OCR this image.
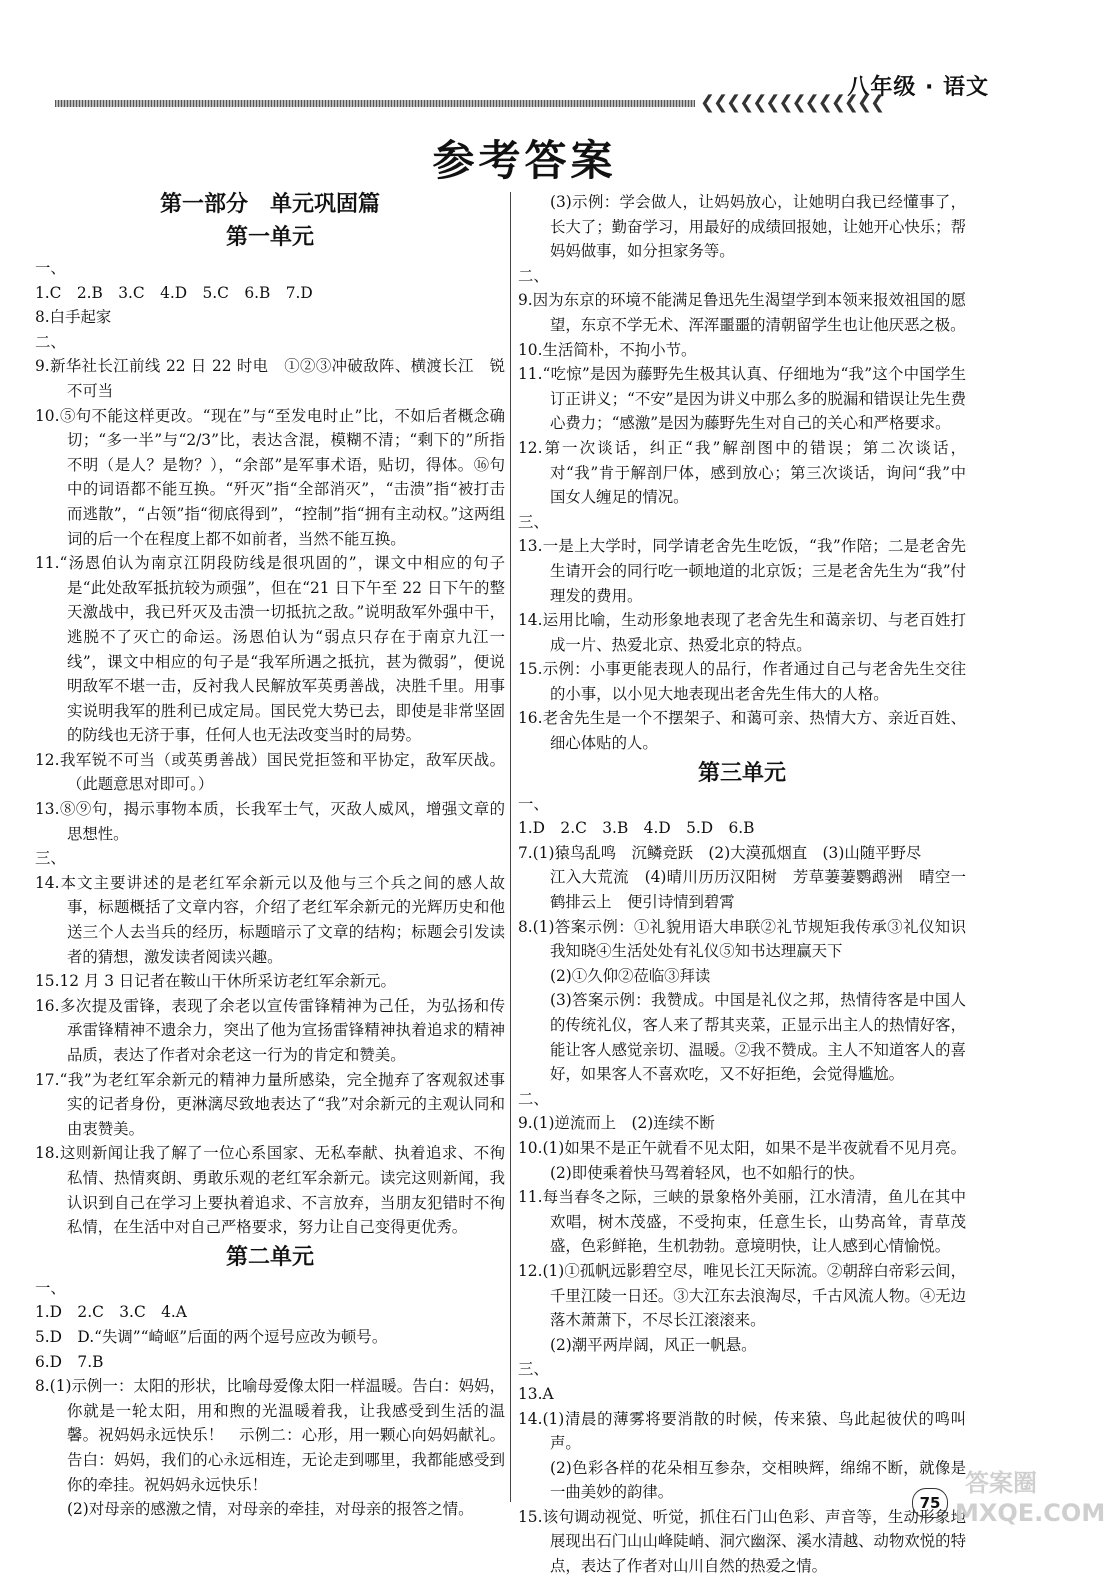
八年级 · 语文
❮❮❮❮❮❮❮❮❮❮❮❮❮❮
参考答案
第一部分　单元巩固篇
第一单元
一、
1.C　2.B　3.C　4.D　5.C　6.B　7.D
8.白手起家
二、
9.新华社长江前线 22 日 22 时电　①②③冲破敌阵、横渡长江　锐不可当
10.⑤句不能这样更改。“现在”与“至发电时止”比，不如后者概念确切；“多一半”与“2/3”比，表达含混，模糊不清；“剩下的”所指不明（是人？是物？），“余部”是军事术语，贴切，得体。⑯句中的词语都不能互换。“歼灭”指“全部消灭”，“击溃”指“被打击而逃散”，“占领”指“彻底得到”，“控制”指“拥有主动权。”这两组词的后一个在程度上都不如前者，当然不能互换。
11.“汤恩伯认为南京江阴段防线是很巩固的”，课文中相应的句子是“此处敌军抵抗较为顽强”，但在“21 日下午至 22 日下午的整天激战中，我已歼灭及击溃一切抵抗之敌。”说明敌军外强中干，逃脱不了灭亡的命运。汤恩伯认为“弱点只存在于南京九江一线”，课文中相应的句子是“我军所遇之抵抗，甚为微弱”，便说明敌军不堪一击，反衬我人民解放军英勇善战，决胜千里。用事实说明我军的胜利已成定局。国民党大势已去，即使是非常坚固的防线也无济于事，任何人也无法改变当时的局势。
12.我军锐不可当（或英勇善战）国民党拒签和平协定，敌军厌战。（此题意思对即可。）
13.⑧⑨句，揭示事物本质，长我军士气，灭敌人威风，增强文章的思想性。
三、
14.本文主要讲述的是老红军余新元以及他与三个兵之间的感人故事，标题概括了文章内容，介绍了老红军余新元的光辉历史和他送三个人去当兵的经历，标题暗示了文章的结构；标题会引发读者的猜想，激发读者阅读兴趣。
15.12 月 3 日记者在鞍山干休所采访老红军余新元。
16.多次提及雷锋，表现了余老以宣传雷锋精神为己任，为弘扬和传承雷锋精神不遗余力，突出了他为宣扬雷锋精神执着追求的精神品质，表达了作者对余老这一行为的肯定和赞美。
17.“我”为老红军余新元的精神力量所感染，完全抛弃了客观叙述事实的记者身份，更淋漓尽致地表达了“我”对余新元的主观认同和由衷赞美。
18.这则新闻让我了解了一位心系国家、无私奉献、执着追求、不徇私情、热情爽朗、勇敢乐观的老红军余新元。读完这则新闻，我认识到自己在学习上要执着追求、不言放弃，当朋友犯错时不徇私情，在生活中对自己严格要求，努力让自己变得更优秀。
第二单元
一、
1.D　2.C　3.C　4.A
5.D　D.“失调”“崎岖”后面的两个逗号应改为顿号。
6.D　7.B
8.(1)示例一：太阳的形状，比喻母爱像太阳一样温暖。告白：妈妈，你就是一轮太阳，用和煦的光温暖着我，让我感受到生活的温馨。祝妈妈永远快乐！　示例二：心形，用一颗心向妈妈献礼。告白：妈妈，我们的心永远相连，无论走到哪里，我都能感受到你的牵挂。祝妈妈永远快乐！
(2)对母亲的感激之情，对母亲的牵挂，对母亲的报答之情。
(3)示例：学会做人，让妈妈放心，让她明白我已经懂事了，长大了；勤奋学习，用最好的成绩回报她，让她开心快乐；帮妈妈做事，如分担家务等。
二、
9.因为东京的环境不能满足鲁迅先生渴望学到本领来报效祖国的愿望，东京不学无术、浑浑噩噩的清朝留学生也让他厌恶之极。
10.生活简朴，不拘小节。
11.“吃惊”是因为藤野先生极其认真、仔细地为“我”这个中国学生订正讲义；“不安”是因为讲义中那么多的脱漏和错误让先生费心费力；“感激”是因为藤野先生对自己的关心和严格要求。
12.第一次谈话，纠正“我”解剖图中的错误；第二次谈话，对“我”肯于解剖尸体，感到放心；第三次谈话，询问“我”中国女人缠足的情况。
三、
13.一是上大学时，同学请老舍先生吃饭，“我”作陪；二是老舍先生请开会的同行吃一顿地道的北京饭；三是老舍先生为“我”付理发的费用。
14.运用比喻，生动形象地表现了老舍先生和蔼亲切、与老百姓打成一片、热爱北京、热爱北京的特点。
15.示例：小事更能表现人的品行，作者通过自己与老舍先生交往的小事，以小见大地表现出老舍先生伟大的人格。
16.老舍先生是一个不摆架子、和蔼可亲、热情大方、亲近百姓、细心体贴的人。
第三单元
一、
1.D　2.C　3.B　4.D　5.D　6.B
7.(1)猿鸟乱鸣　沉鳞竞跃　(2)大漠孤烟直　(3)山随平野尽
江入大荒流　(4)晴川历历汉阳树　芳草萋萋鹦鹉洲　晴空一鹤排云上　便引诗情到碧霄
8.(1)答案示例：①礼貌用语大串联②礼节规矩我传承③礼仪知识我知晓④生活处处有礼仪⑤知书达理赢天下
(2)①久仰②莅临③拜读
(3)答案示例：我赞成。中国是礼仪之邦，热情待客是中国人的传统礼仪，客人来了帮其夹菜，正显示出主人的热情好客，能让客人感觉亲切、温暖。②我不赞成。主人不知道客人的喜好，如果客人不喜欢吃，又不好拒绝，会觉得尴尬。
二、
9.(1)逆流而上　(2)连续不断
10.(1)如果不是正午就看不见太阳，如果不是半夜就看不见月亮。(2)即使乘着快马驾着轻风，也不如船行的快。
11.每当春冬之际，三峡的景象格外美丽，江水清清，鱼儿在其中欢唱，树木茂盛，不受拘束，任意生长，山势高耸，青草茂盛，色彩鲜艳，生机勃勃。意境明快，让人感到心情愉悦。
12.(1)①孤帆远影碧空尽，唯见长江天际流。②朝辞白帝彩云间，千里江陵一日还。③大江东去浪淘尽，千古风流人物。④无边落木萧萧下，不尽长江滚滚来。
(2)潮平两岸阔，风正一帆悬。
三、
13.A
14.(1)清晨的薄雾将要消散的时候，传来猿、鸟此起彼伏的鸣叫声。
(2)色彩各样的花朵相互参杂，交相映辉，绵绵不断，就像是一曲美妙的韵律。
15.该句调动视觉、听觉，抓住石门山色彩、声音等，生动形象地展现出石门山山峰陡峭、洞穴幽深、溪水清越、动物欢悦的特点，表达了作者对山川自然的热爱之情。
75
答案圈 MXQE.COM
